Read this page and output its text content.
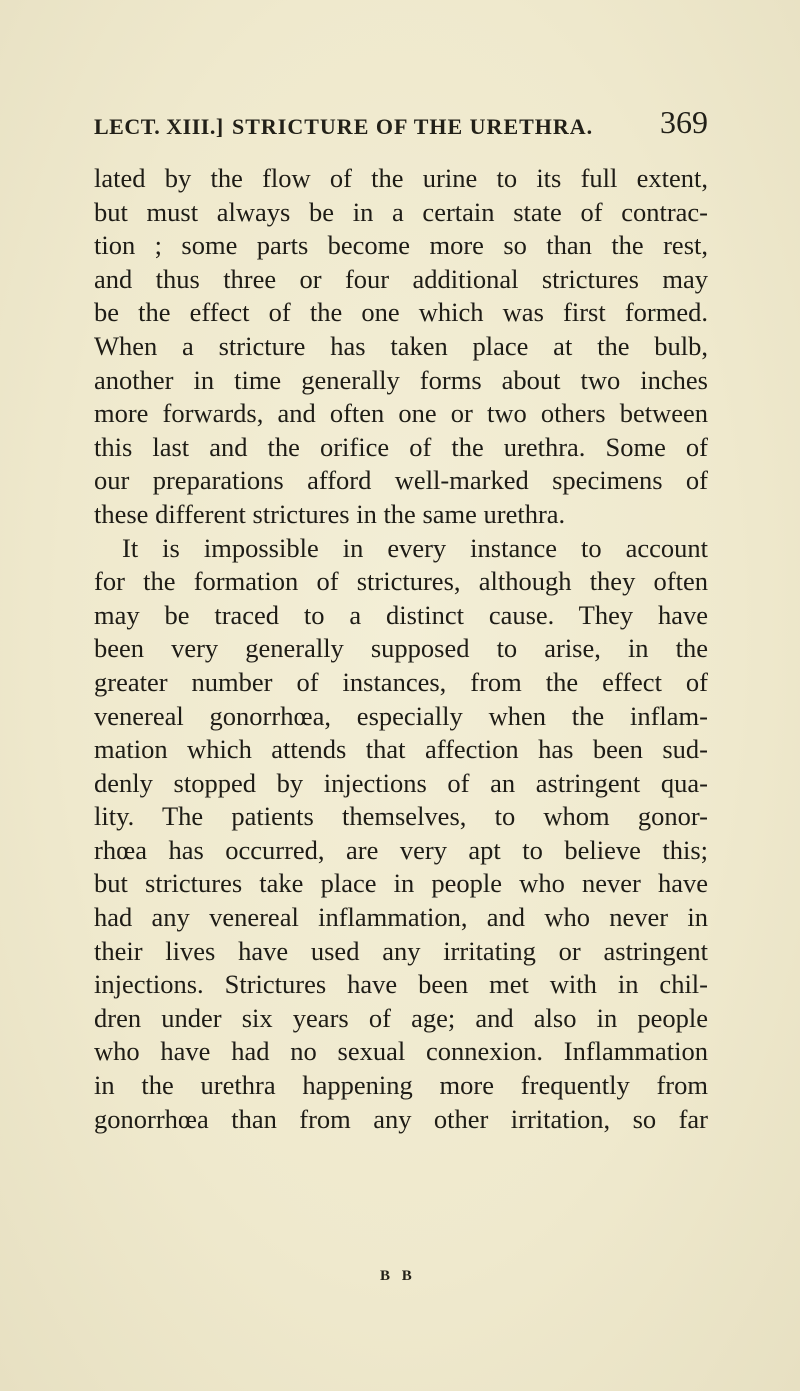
LECT. XIII.] STRICTURE OF THE URETHRA. 369
lated by the flow of the urine to its full extent,
but must always be in a certain state of contrac-
tion ; some parts become more so than the rest,
and thus three or four additional strictures may
be the effect of the one which was first formed.
When a stricture has taken place at the bulb,
another in time generally forms about two inches
more forwards, and often one or two others between
this last and the orifice of the urethra. Some of
our preparations afford well-marked specimens of
these different strictures in the same urethra.
It is impossible in every instance to account
for the formation of strictures, although they often
may be traced to a distinct cause. They have
been very generally supposed to arise, in the
greater number of instances, from the effect of
venereal gonorrhœa, especially when the inflam-
mation which attends that affection has been sud-
denly stopped by injections of an astringent qua-
lity. The patients themselves, to whom gonor-
rhœa has occurred, are very apt to believe this;
but strictures take place in people who never have
had any venereal inflammation, and who never in
their lives have used any irritating or astringent
injections. Strictures have been met with in chil-
dren under six years of age; and also in people
who have had no sexual connexion. Inflammation
in the urethra happening more frequently from
gonorrhœa than from any other irritation, so far
B B
